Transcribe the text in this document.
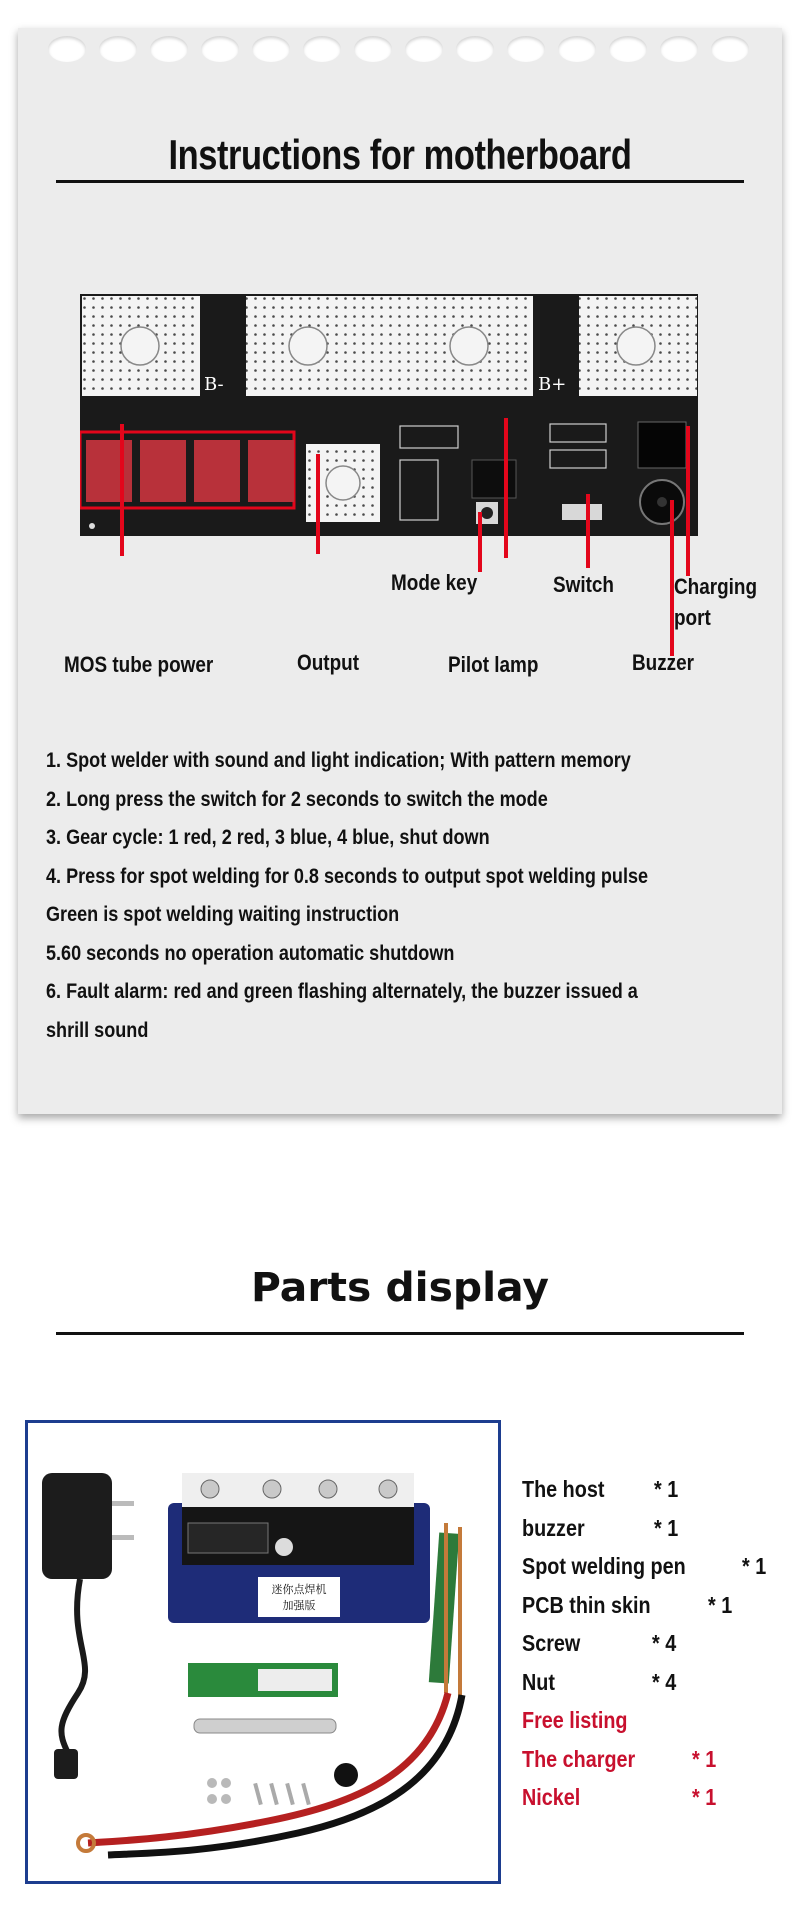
Instructions for motherboard
B-	B+
Mode key	Switch	Charging
port
MOS tube power	Output	Pilot lamp	Buzzer
1. Spot welder with sound and light indication; With pattern memory
2. Long press the switch for 2 seconds to switch the mode
3. Gear cycle: 1 red, 2 red, 3 blue, 4 blue, shut down
4. Press for spot welding for 0.8 seconds to output spot welding pulse
Green is spot welding waiting instruction
5.60 seconds no operation automatic shutdown
6. Fault alarm: red and green flashing alternately, the buzzer issued a
shrill sound
Parts display
迷你点焊机
加强版
The host * 1
buzzer	* 1
Spot welding pen * 1
PCB thin skin * 1
Screw	* 4
Nut	* 4
Free listing
The charger * 1
Nickel	* 1
